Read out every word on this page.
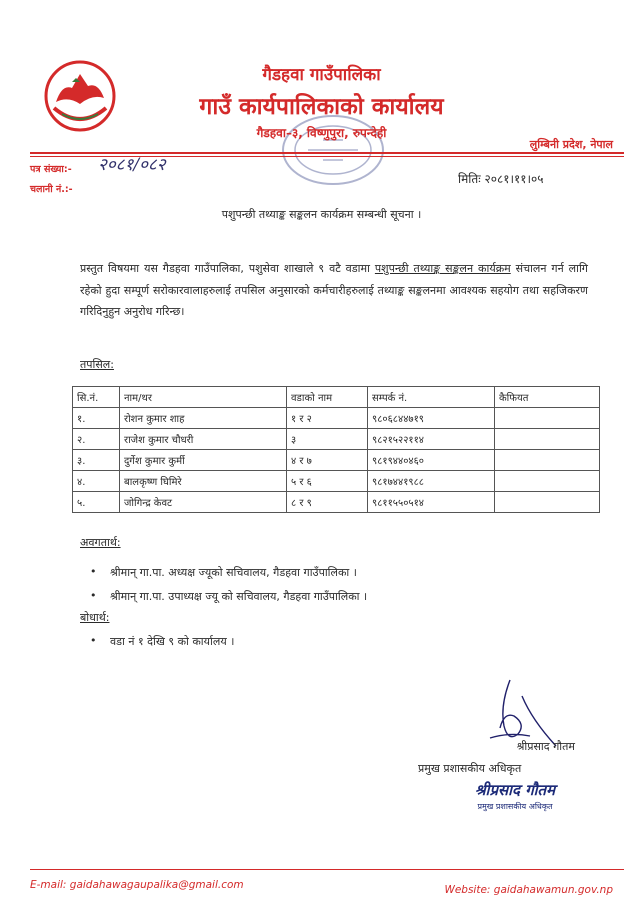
गैडहवा गाउँपालिका
गाउँ कार्यपालिकाको कार्यालय
गैडहवा–३, विष्णुपुरा, रुपन्देही
लुम्बिनी प्रदेश, नेपाल
पत्र संख्या:- २०८१/०८२
चलानी नं.:-
मितिः २०८१।११।०५
पशुपन्छी तथ्याङ्क सङ्कलन कार्यक्रम सम्बन्धी सूचना ।
प्रस्तुत विषयमा यस गैडहवा गाउँपालिका, पशुसेवा शाखाले ९ वटै वडामा पशुपन्छी तथ्याङ्क सङ्कलन कार्यक्रम संचालन गर्न लागि रहेको हुदा सम्पूर्ण सरोकारवालाहरुलाई तपसिल अनुसारको कर्मचारीहरुलाई तथ्याङ्क सङ्कलनमा आवश्यक सहयोग तथा सहजिकरण गरिदिनुहुन अनुरोध गरिन्छ।
तपसिल:
सि.नं.	नाम/थर	वडाको नाम	सम्पर्क नं.	कैफियत
१.	रोशन कुमार शाह	१ र २	९८०६८४४७१९	
२.	राजेश कुमार चौधरी	३	९८२१५२२११४	
३.	दुर्गेश कुमार कुर्मी	४ र ७	९८१९४४०४६०	
४.	बालकृष्ण घिमिरे	५ र ६	९८१७४४१९८८	
५.	जोगिन्द्र केवट	८ र ९	९८११५५०५१४	
अवगतार्थ:
• श्रीमान् गा.पा. अध्यक्ष ज्यूको सचिवालय, गैडहवा गाउँपालिका ।
• श्रीमान् गा.पा. उपाध्यक्ष ज्यू को सचिवालय, गैडहवा गाउँपालिका ।
बोधार्थ:
• वडा नं १ देखि ९ को कार्यालय ।
श्रीप्रसाद गौतम
प्रमुख प्रशासकीय अधिकृत
श्रीप्रसाद गौतम
प्रमुख प्रशासकीय अधिकृत
E-mail: gaidahawagaupalika@gmail.com	Website: gaidahawamun.gov.np
